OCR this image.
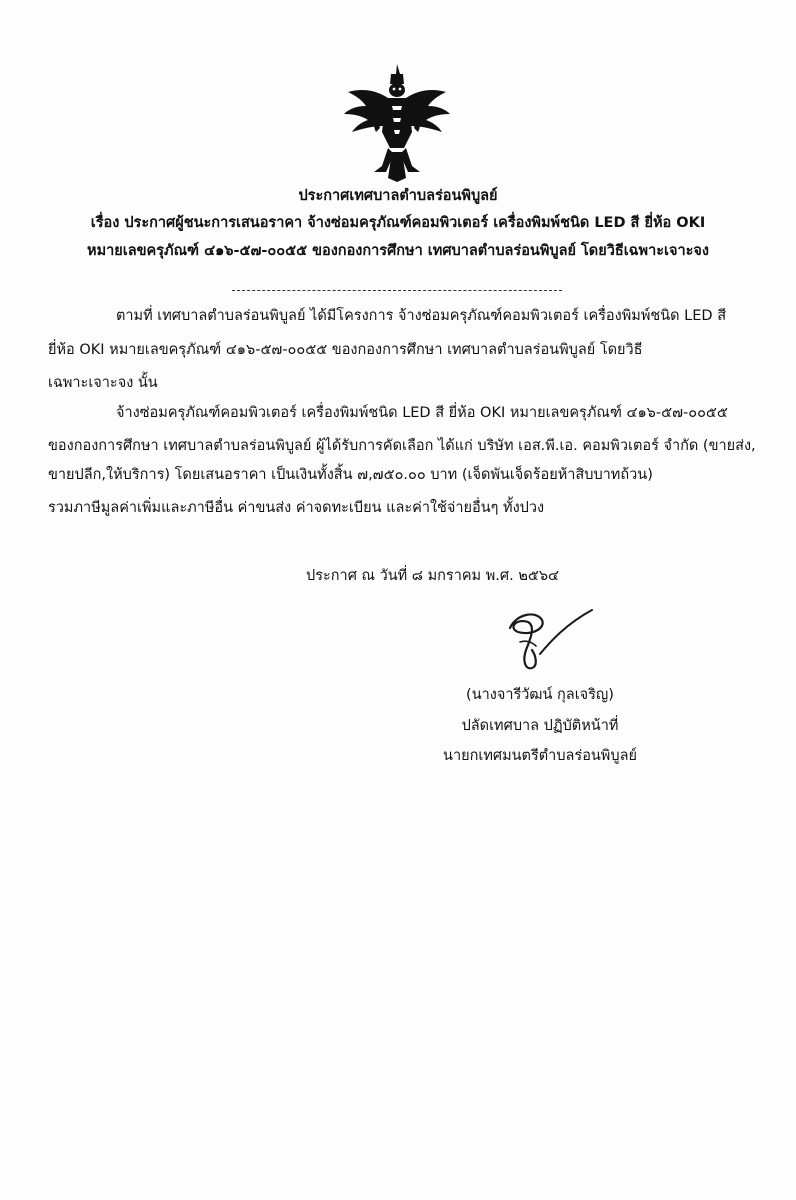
ประกาศเทศบาลตำบลร่อนพิบูลย์
เรื่อง ประกาศผู้ชนะการเสนอราคา จ้างซ่อมครุภัณฑ์คอมพิวเตอร์ เครื่องพิมพ์ชนิด LED สี ยี่ห้อ OKI
หมายเลขครุภัณฑ์ ๔๑๖-๕๗-๐๐๕๕ ของกองการศึกษา เทศบาลตำบลร่อนพิบูลย์ โดยวิธีเฉพาะเจาะจง
ตามที่ เทศบาลตำบลร่อนพิบูลย์ ได้มีโครงการ จ้างซ่อมครุภัณฑ์คอมพิวเตอร์ เครื่องพิมพ์ชนิด LED สี
ยี่ห้อ OKI หมายเลขครุภัณฑ์ ๔๑๖-๕๗-๐๐๕๕ ของกองการศึกษา เทศบาลตำบลร่อนพิบูลย์ โดยวิธี
เฉพาะเจาะจง นั้น
จ้างซ่อมครุภัณฑ์คอมพิวเตอร์ เครื่องพิมพ์ชนิด LED สี ยี่ห้อ OKI หมายเลขครุภัณฑ์ ๔๑๖-๕๗-๐๐๕๕
ของกองการศึกษา เทศบาลตำบลร่อนพิบูลย์ ผู้ได้รับการคัดเลือก ได้แก่ บริษัท เอส.พี.เอ. คอมพิวเตอร์ จำกัด (ขายส่ง,
ขายปลีก,ให้บริการ) โดยเสนอราคา เป็นเงินทั้งสิ้น ๗,๗๕๐.๐๐ บาท (เจ็ดพันเจ็ดร้อยห้าสิบบาทถ้วน)
รวมภาษีมูลค่าเพิ่มและภาษีอื่น ค่าขนส่ง ค่าจดทะเบียน และค่าใช้จ่ายอื่นๆ ทั้งปวง
ประกาศ ณ วันที่ ๘ มกราคม พ.ศ. ๒๕๖๔
(นางจารีวัฒน์ กุลเจริญ)
ปลัดเทศบาล ปฏิบัติหน้าที่
นายกเทศมนตรีตำบลร่อนพิบูลย์
